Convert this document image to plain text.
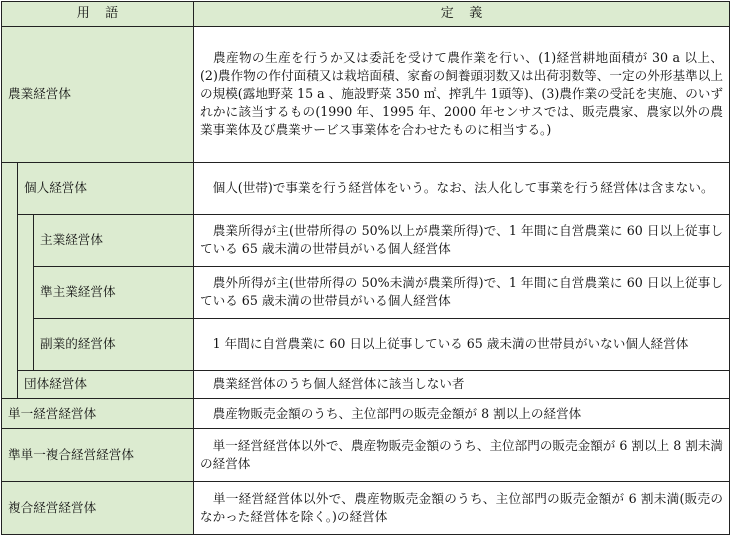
用語			定義
農業経営体			　農産物の生産を行うか又は委託を受けて農作業を行い、(1)経営耕地面積が 30 a 以上、(2)農作物の作付面積又は栽培面積、家畜の飼養頭羽数又は出荷羽数等、一定の外形基準以上の規模(露地野菜 15 a 、施設野菜 350 ㎡、搾乳牛 1頭等)、(3)農作業の受託を実施、のいずれかに該当するもの(1990 年、1995 年、2000 年センサスでは、販売農家、農家以外の農業事業体及び農業サービス事業体を合わせたものに相当する。)
	個人経営体		　個人(世帯)で事業を行う経営体をいう。なお、法人化して事業を行う経営体は含まない。
		主業経営体	　農業所得が主(世帯所得の 50%以上が農業所得)で、1 年間に自営農業に 60 日以上従事している 65 歳未満の世帯員がいる個人経営体
		準主業経営体	　農外所得が主(世帯所得の 50%未満が農業所得)で、1 年間に自営農業に 60 日以上従事している 65 歳未満の世帯員がいる個人経営体
		副業的経営体	　1 年間に自営農業に 60 日以上従事している 65 歳未満の世帯員がいない個人経営体
	団体経営体		　農業経営体のうち個人経営体に該当しない者
単一経営経営体			　農産物販売金額のうち、主位部門の販売金額が 8 割以上の経営体
準単一複合経営経営体			　単一経営経営体以外で、農産物販売金額のうち、主位部門の販売金額が 6 割以上 8 割未満の経営体
複合経営経営体			　単一経営経営体以外で、農産物販売金額のうち、主位部門の販売金額が 6 割未満(販売のなかった経営体を除く。)の経営体
